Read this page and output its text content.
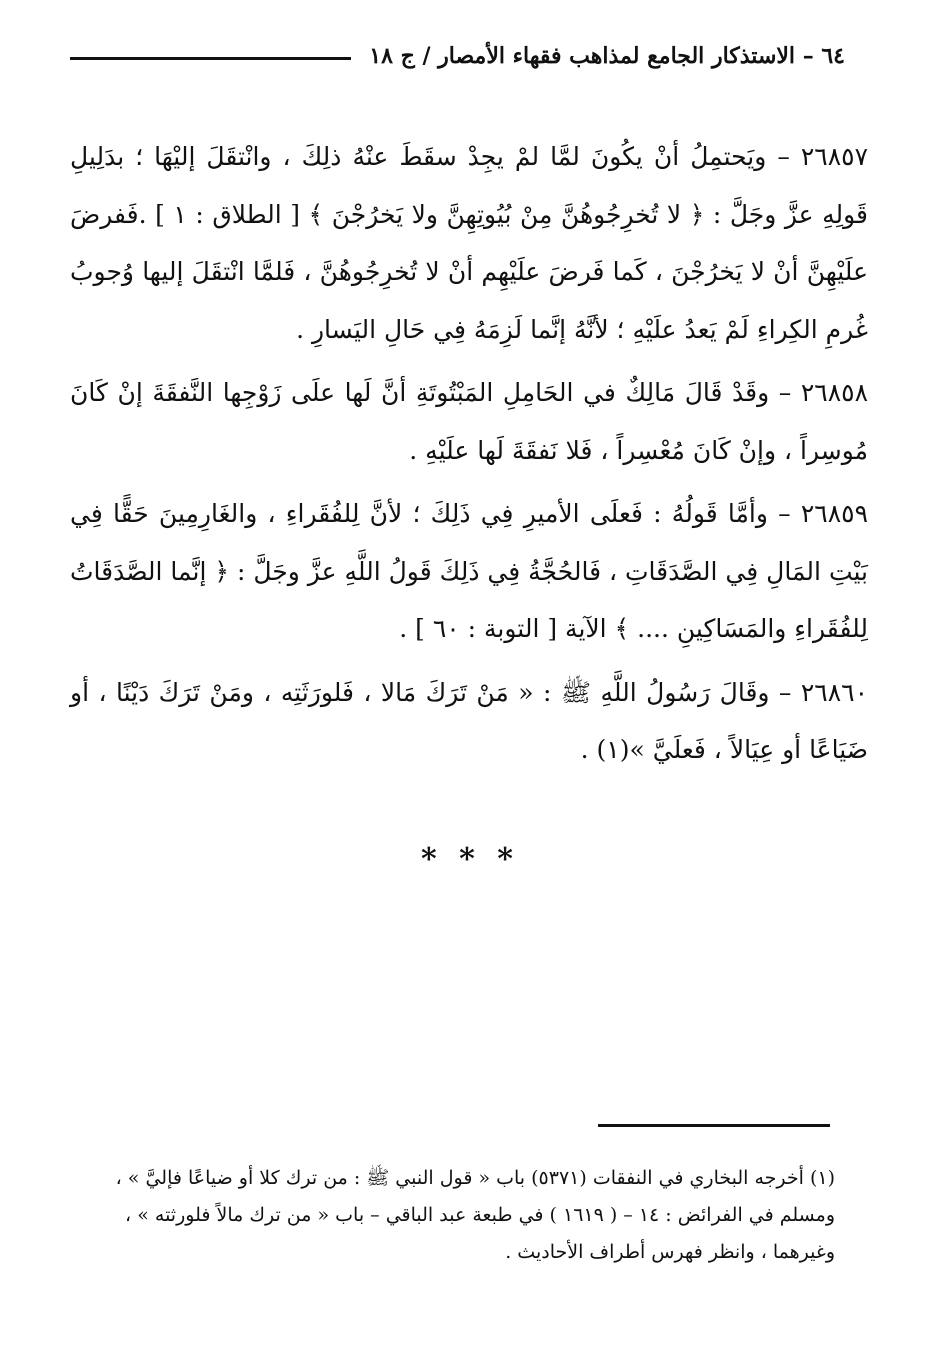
٦٤ – الاستذكار الجامع لمذاهب فقهاء الأمصار / ج ١٨

٢٦٨٥٧ – ويَحتمِلُ أنْ يكُونَ لمَّا لمْ يجِدْ سقَطَ عنْهُ ذلِكَ ، وانْتقَلَ إليْهَا ؛ بدَلِيلِ قَولِهِ عزَّ وجَلَّ : ﴿ لا تُخرِجُوهُنَّ مِنْ بُيُوتِهِنَّ ولا يَخرُجْنَ ﴾ [ الطلاق : ١ ] .فَفرضَ علَيْهِنَّ أنْ لا يَخرُجْنَ ، كَما فَرضَ علَيْهِم أنْ لا تُخرِجُوهُنَّ ، فَلمَّا انْتقَلَ إليها وُجوبُ غُرمِ الكِراءِ لَمْ يَعدُ علَيْهِ ؛ لأنَّهُ إنَّما لَزِمَهُ فِي حَالِ اليَسارِ .

٢٦٨٥٨ – وقَدْ قَالَ مَالِكٌ في الحَامِلِ المَبْتُوتَةِ أنَّ لَها علَى زَوْجِها النَّفقَةَ إنْ كَانَ مُوسِراً ، وإنْ كَانَ مُعْسِراً ، فَلا نَفقَةَ لَها علَيْهِ .

٢٦٨٥٩ – وأمَّا قَولُهُ : فَعلَى الأميرِ فِي ذَلِكَ ؛ لأنَّ لِلفُقَراءِ ، والغَارِمِينَ حَقًّا فِي بَيْتِ المَالِ فِي الصَّدَقَاتِ ، فَالحُجَّةُ فِي ذَلِكَ قَولُ اللَّهِ عزَّ وجَلَّ : ﴿ إنَّما الصَّدَقَاتُ لِلفُقَراءِ والمَسَاكِينِ .... ﴾ الآية [ التوبة : ٦٠ ] .

٢٦٨٦٠ – وقَالَ رَسُولُ اللَّهِ ﷺ : « مَنْ تَرَكَ مَالا ، فَلورَثَتِه ، ومَنْ تَرَكَ دَيْنًا ، أو ضَيَاعًا أو عِيَالاً ، فَعلَيَّ »(١) .

* * *

(١) أخرجه البخاري في النفقات (٥٣٧١) باب « قول النبي ﷺ : من ترك كلا أو ضياعًا فإليَّ » ،

ومسلم في الفرائض : ١٤ – ( ١٦١٩ ) في طبعة عبد الباقي – باب « من ترك مالاً فلورثته » ،

وغيرهما ، وانظر فهرس أطراف الأحاديث .
